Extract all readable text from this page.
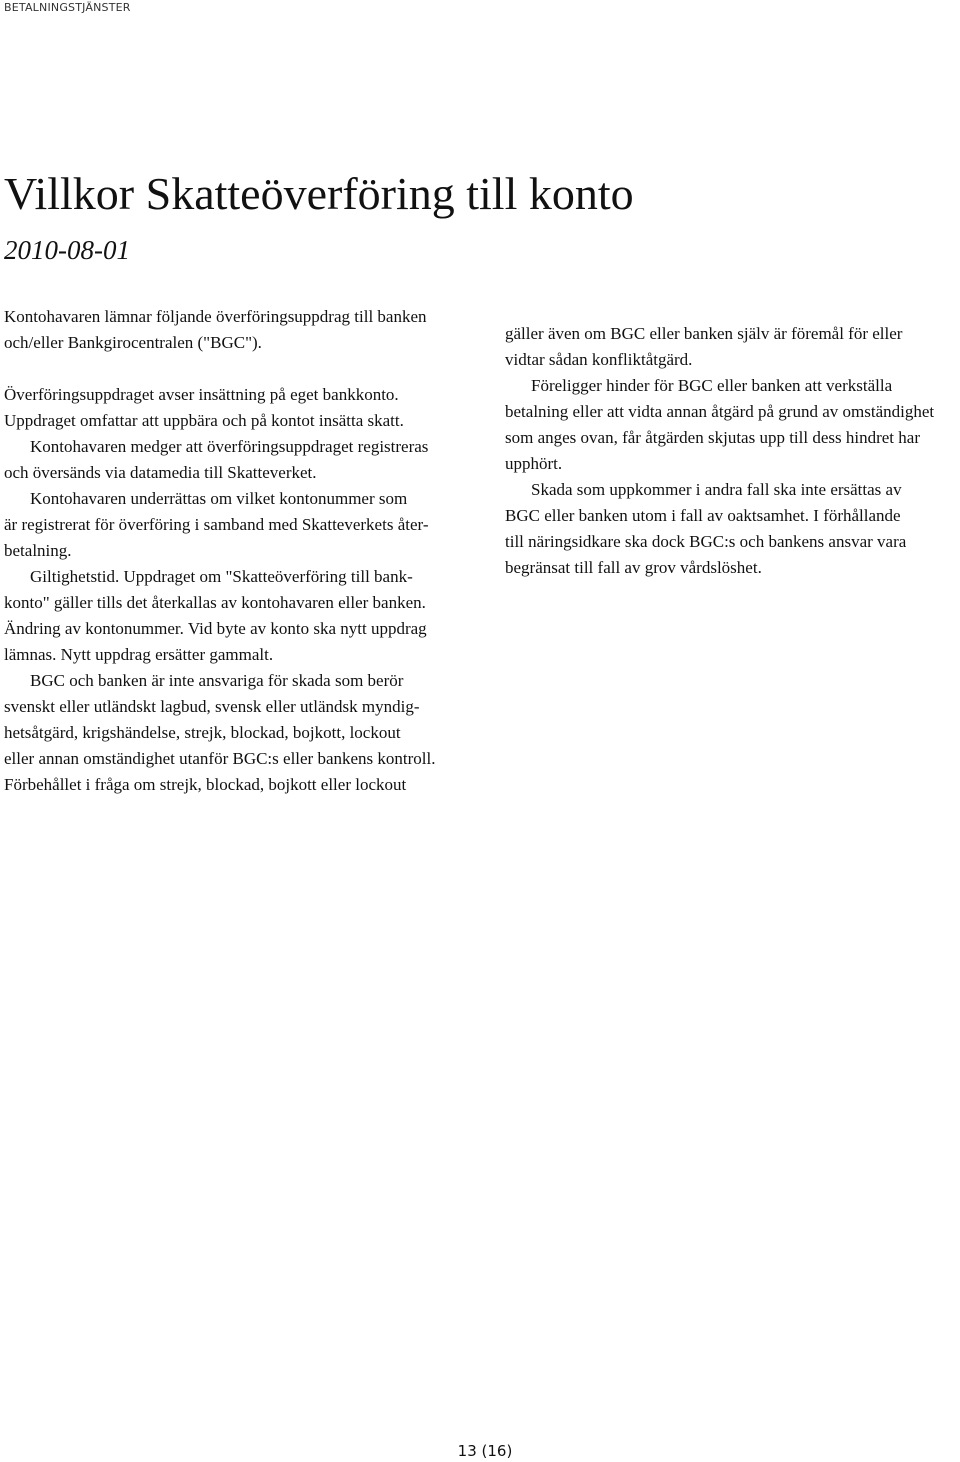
BETALNINGSTJÄNSTER
Villkor Skatteöverföring till konto
2010-08-01
Kontohavaren lämnar följande överföringsuppdrag till banken
och/eller Bankgirocentralen ("BGC").

Överföringsuppdraget avser insättning på eget bankkonto.
Uppdraget omfattar att uppbära och på kontot insätta skatt.
Kontohavaren medger att överföringsuppdraget registreras
och översänds via datamedia till Skatteverket.
Kontohavaren underrättas om vilket kontonummer som
är registrerat för överföring i samband med Skatteverkets åter-
betalning.
Giltighetstid. Uppdraget om "Skatteöverföring till bank-
konto" gäller tills det återkallas av kontohavaren eller banken.
Ändring av kontonummer. Vid byte av konto ska nytt uppdrag
lämnas. Nytt uppdrag ersätter gammalt.
BGC och banken är inte ansvariga för skada som berör
svenskt eller utländskt lagbud, svensk eller utländsk myndig-
hetsåtgärd, krigshändelse, strejk, blockad, bojkott, lockout
eller annan omständighet utanför BGC:s eller bankens kontroll.
Förbehållet i fråga om strejk, blockad, bojkott eller lockout
gäller även om BGC eller banken själv är föremål för eller
vidtar sådan konfliktåtgärd.
Föreligger hinder för BGC eller banken att verkställa
betalning eller att vidta annan åtgärd på grund av omständighet
som anges ovan, får åtgärden skjutas upp till dess hindret har
upphört.
Skada som uppkommer i andra fall ska inte ersättas av
BGC eller banken utom i fall av oaktsamhet. I förhållande
till näringsidkare ska dock BGC:s och bankens ansvar vara
begränsat till fall av grov vårdslöshet.
13 (16)
